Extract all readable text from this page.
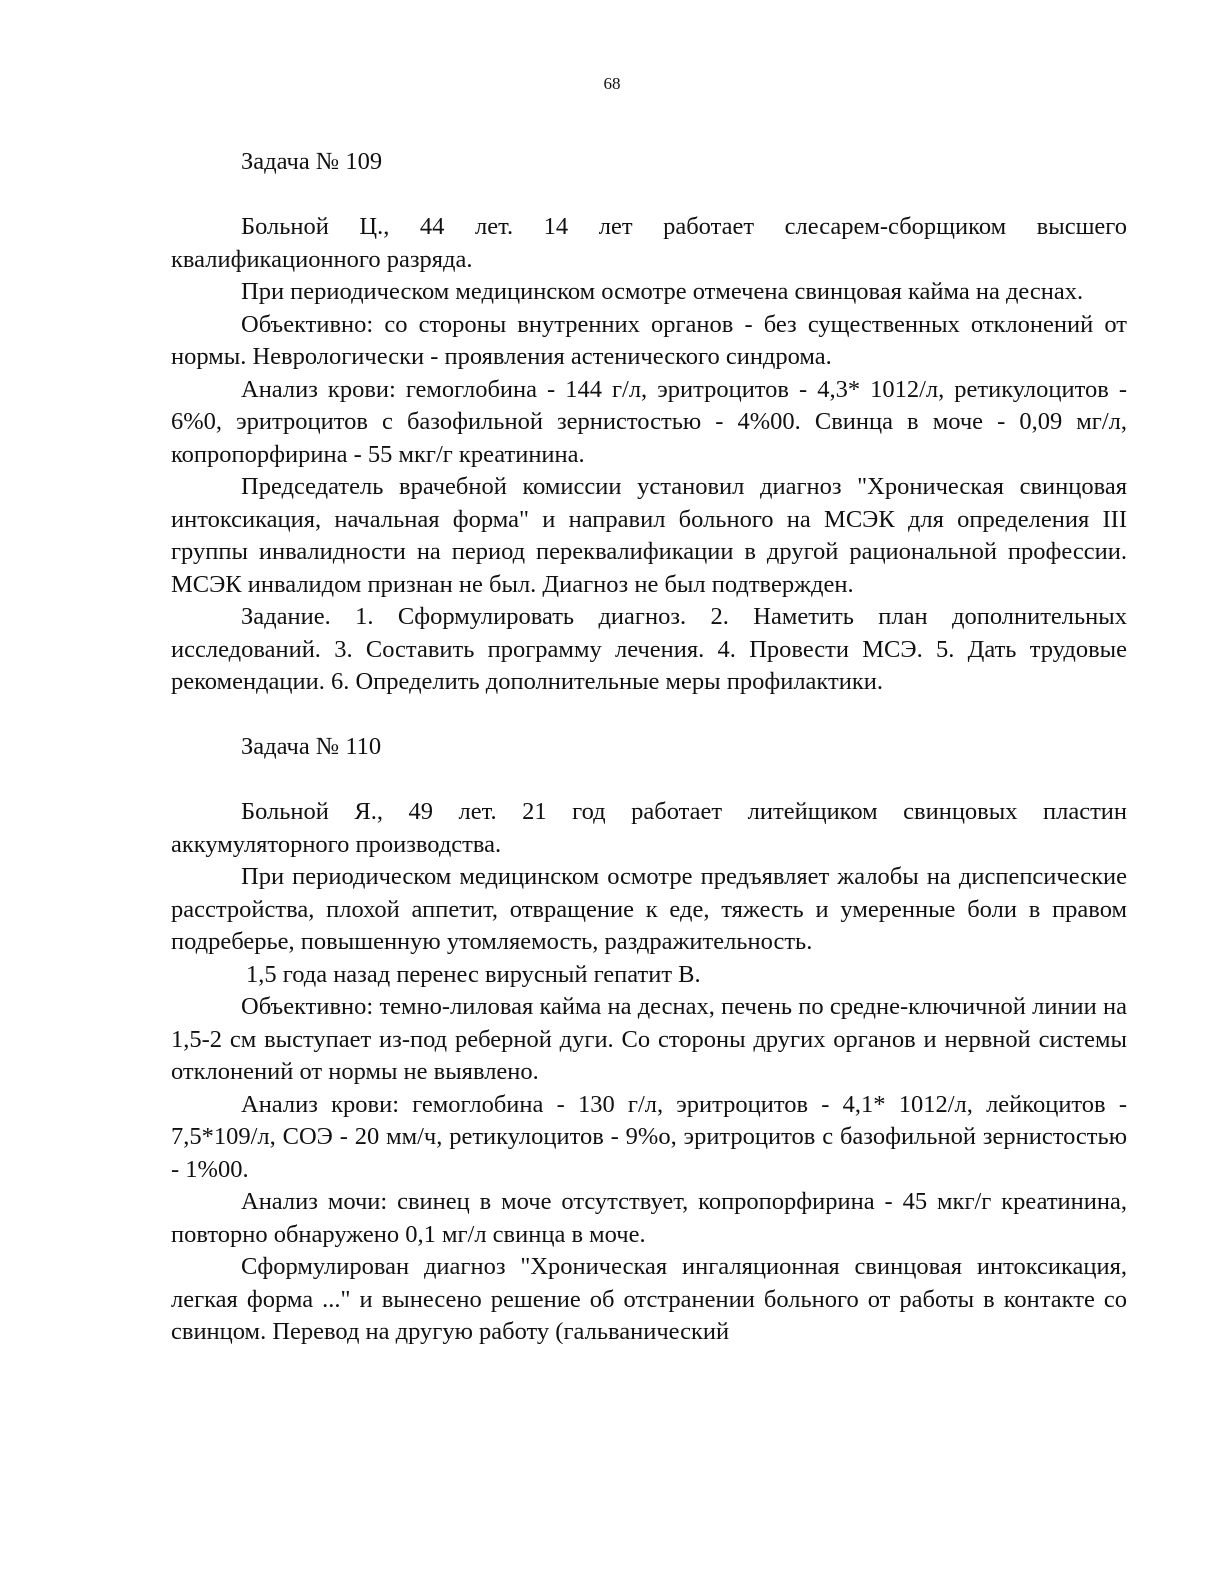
68
Задача № 109

Больной Ц., 44 лет. 14 лет работает слесарем-сборщиком высшего квалификационного разряда.

При периодическом медицинском осмотре отмечена свинцовая кайма на деснах.

Объективно: со стороны внутренних органов - без существенных отклонений от нормы. Неврологически - проявления астенического синдрома.

Анализ крови: гемоглобина - 144 г/л, эритроцитов - 4,3* 1012/л, ретикулоцитов - 6%0, эритроцитов с базофильной зернистостью - 4%00. Свинца в моче - 0,09 мг/л, копропорфирина - 55 мкг/г креатинина.

Председатель врачебной комиссии установил диагноз "Хроническая свинцовая интоксикация, начальная форма" и направил больного на МСЭК для определения III группы инвалидности на период переквалификации в другой рациональной профессии. МСЭК инвалидом признан не был. Диагноз не был подтвержден.

Задание. 1. Сформулировать диагноз. 2. Наметить план дополнительных исследований. 3. Составить программу лечения. 4. Провести МСЭ. 5. Дать трудовые рекомендации. 6. Определить дополнительные меры профилактики.

Задача № 110

Больной Я., 49 лет. 21 год работает литейщиком свинцовых пластин аккумуляторного производства.

При периодическом медицинском осмотре предъявляет жалобы на диспепсические расстройства, плохой аппетит, отвращение к еде, тяжесть и умеренные боли в правом подреберье, повышенную утомляемость, раздражительность.

1,5 года назад перенес вирусный гепатит В.

Объективно: темно-лиловая кайма на деснах, печень по средне-ключичной линии на 1,5-2 см выступает из-под реберной дуги. Со стороны других органов и нервной системы отклонений от нормы не выявлено.

Анализ крови: гемоглобина - 130 г/л, эритроцитов - 4,1* 1012/л, лейкоцитов - 7,5*109/л, СОЭ - 20 мм/ч, ретикулоцитов - 9%о, эритроцитов с базофильной зернистостью - 1%00.

Анализ мочи: свинец в моче отсутствует, копропорфирина - 45 мкг/г креатинина, повторно обнаружено 0,1 мг/л свинца в моче.

Сформулирован диагноз "Хроническая ингаляционная свинцовая интоксикация, легкая форма ..." и вынесено решение об отстранении больного от работы в контакте со свинцом. Перевод на другую работу (гальванический
